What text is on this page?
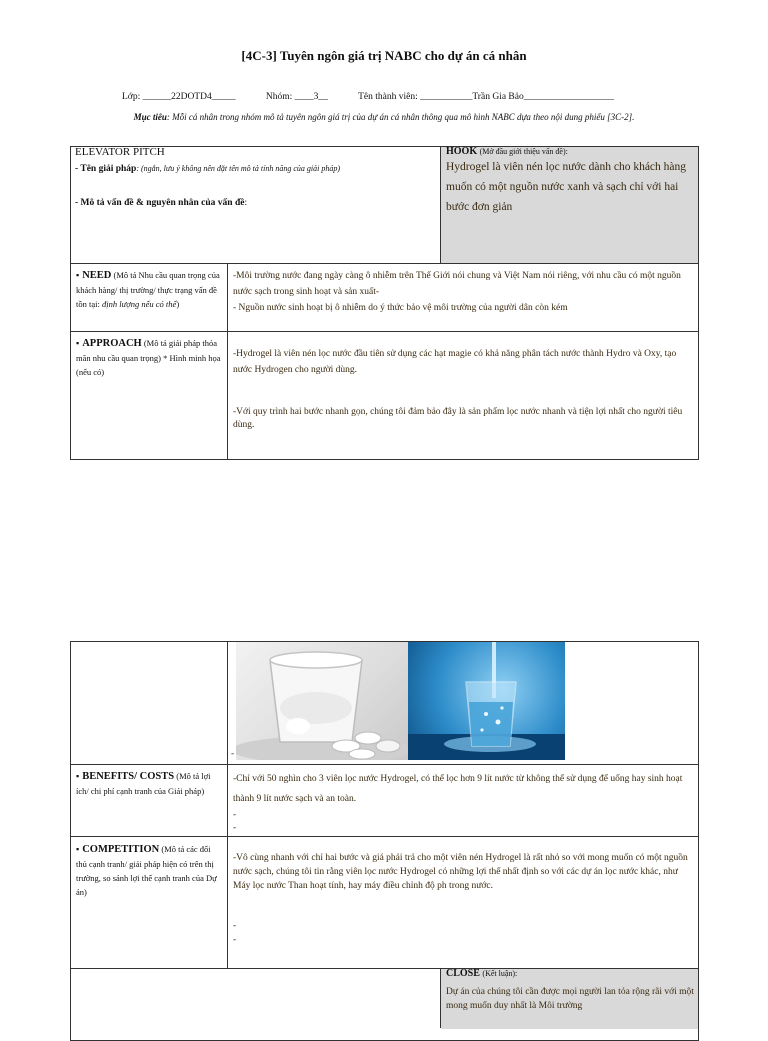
[4C-3] Tuyên ngôn giá trị NABC cho dự án cá nhân
Lớp: ______22DOTD4_____	Nhóm: ____3__	Tên thành viên: ___________Trần Gia Bảo___________________
Mục tiêu: Mỗi cá nhân trong nhóm mô tả tuyên ngôn giá trị của dự án cá nhân thông qua mô hình NABC dựa theo nội dung phiếu [3C-2].
ELEVATOR PITCH
- Tên giải pháp: (ngắn, lưu ý không nên đặt tên mô tả tính năng của giải pháp)
- Mô tả vấn đề & nguyên nhân của vấn đề:
HOOK (Mở đầu giới thiệu vấn đề):
Hydrogel là viên nén lọc nước dành cho khách hàng muốn có một nguồn nước xanh và sạch chỉ với hai bước đơn giản
▪ NEED (Mô tả Nhu cầu quan trọng của khách hàng/ thị trường/ thực trạng vấn đề tồn tại: định lượng nếu có thể)
-Môi trường nước đang ngày càng ô nhiễm trên Thế Giới nói chung và Việt Nam nói riêng, với nhu cầu có một nguồn nước sạch trong sinh hoạt và sản xuất-
- Nguồn nước sinh hoạt bị ô nhiễm do ý thức bảo vệ môi trường của người dân còn kém
▪ APPROACH (Mô tả giải pháp thỏa mãn nhu cầu quan trọng) * Hình minh họa (nếu có)
-Hydrogel là viên nén lọc nước đầu tiên sử dụng các hạt magie có khả năng phân tách nước thành Hydro và Oxy, tạo nước Hydrogen cho người dùng.
-Với quy trình hai bước nhanh gọn, chúng tôi đảm bảo đây là sản phẩm lọc nước nhanh và tiện lợi nhất cho người tiêu dùng.
-
▪ BENEFITS/ COSTS (Mô tả lợi ích/ chi phí cạnh tranh của Giải pháp)
-Chỉ với 50 nghìn cho 3 viên lọc nước Hydrogel, có thể lọc hơn 9 lít nước từ không thể sử dụng để uống hay sinh hoạt thành 9 lít nước sạch và an toàn.
-
-
▪ COMPETITION (Mô tả các đối thủ cạnh tranh/ giải pháp hiện có trên thị trường, so sánh lợi thế cạnh tranh của Dự án)
-Vô cùng nhanh với chỉ hai bước và giá phải trả cho một viên nén Hydrogel là rất nhỏ so với mong muốn có một nguồn nước sạch, chúng tôi tin rằng viên lọc nước Hydrogel có những lợi thế nhất định so với các dự án lọc nước khác, như Máy lọc nước Than hoạt tính, hay máy điều chỉnh độ ph trong nước.
-
-
CLOSE (Kết luận):
Dự án của chúng tôi cần được mọi người lan tỏa rộng rãi với một mong muốn duy nhất là Môi trường
